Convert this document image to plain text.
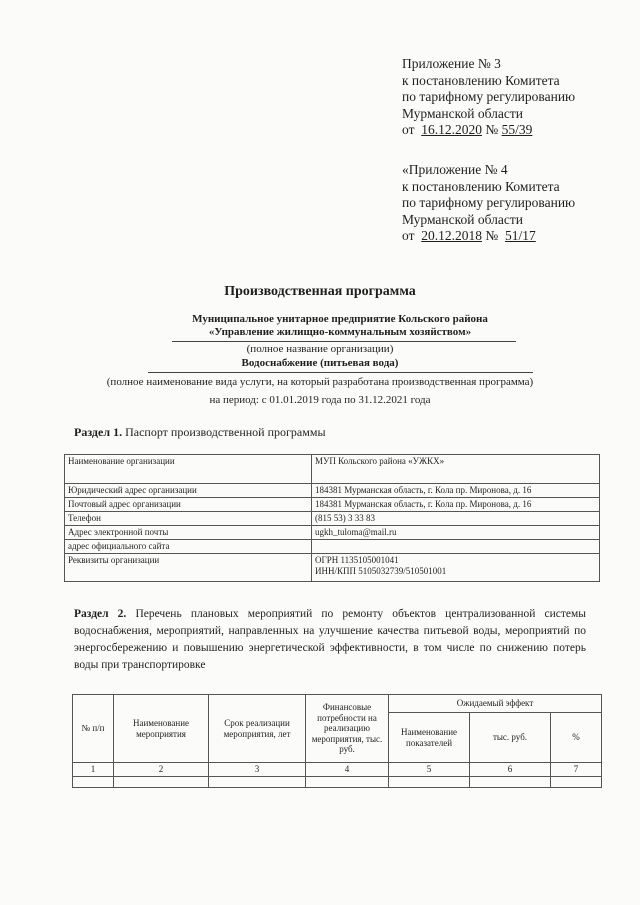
Приложение № 3
к постановлению Комитета
по тарифному регулированию
Мурманской области
от 16.12.2020 № 55/39
«Приложение № 4
к постановлению Комитета
по тарифному регулированию
Мурманской области
от 20.12.2018 № 51/17
Производственная программа
Муниципальное унитарное предприятие Кольского района
«Управление жилищно-коммунальным хозяйством»
(полное название организации)
Водоснабжение (питьевая вода)
(полное наименование вида услуги, на который разработана производственная программа)
на период: с 01.01.2019 года по 31.12.2021 года
Раздел 1. Паспорт производственной программы
Наименование организации	МУП Кольского района «УЖКХ»
Юридический адрес организации	184381 Мурманская область, г. Кола пр. Миронова, д. 16
Почтовый адрес организации	184381 Мурманская область, г. Кола пр. Миронова, д. 16
Телефон	(815 53) 3 33 83
Адрес электронной почты	ugkh_tuloma@mail.ru
адрес официального сайта	
Реквизиты организации	ОГРН 1135105001041
ИНН/КПП 5105032739/510501001
Раздел 2. Перечень плановых мероприятий по ремонту объектов централизованной системы водоснабжения, мероприятий, направленных на улучшение качества питьевой воды, мероприятий по энергосбережению и повышению энергетической эффективности, в том числе по снижению потерь воды при транспортировке
№ п/п	Наименование мероприятия	Срок реализации мероприятия, лет	Финансовые потребности на реализацию мероприятия, тыс. руб.	Ожидаемый эффект		
				Наименование показателей	тыс. руб.	%
1	2	3	4	5	6	7
